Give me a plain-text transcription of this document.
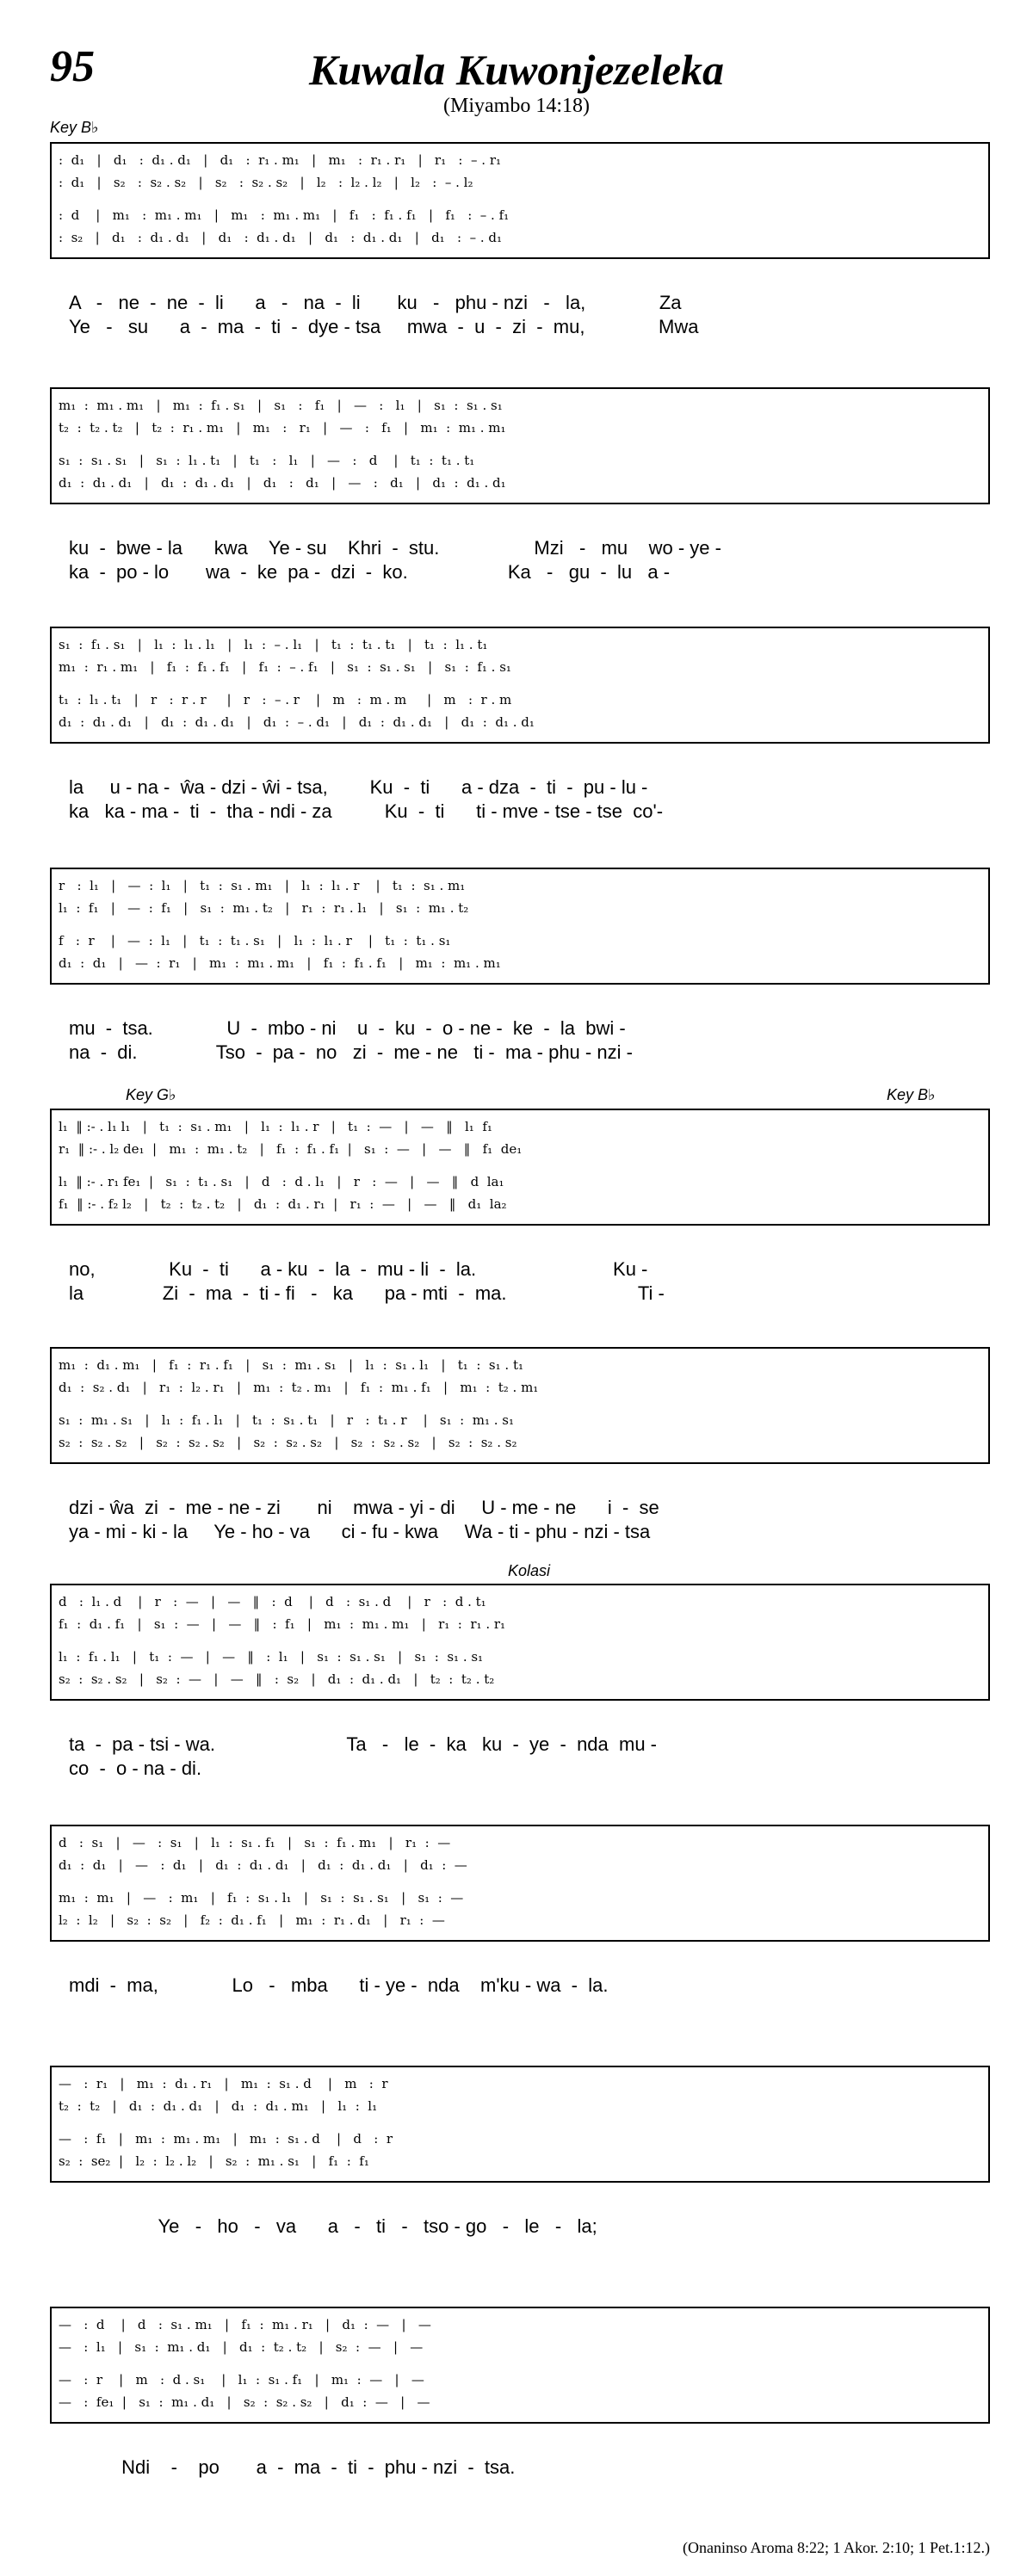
95	Kuwala Kuwonjezeleka
(Miyambo 14:18)
Key B♭
Key G♭	Key B♭
Kolasi
:  d₁   |   d₁   :  d₁ . d₁   |   d₁   :  r₁ . m₁   |   m₁   :  r₁ . r₁   |   r₁   :  – . r₁
:  d₁   |   s₂   :  s₂ . s₂   |   s₂   :  s₂ . s₂   |   l₂   :  l₂ . l₂   |   l₂   :  – . l₂
:  d    |   m₁   :  m₁ . m₁   |   m₁   :  m₁ . m₁   |   f₁   :  f₁ . f₁   |   f₁   :  – . f₁
:  s₂   |   d₁   :  d₁ . d₁   |   d₁   :  d₁ . d₁   |   d₁   :  d₁ . d₁   |   d₁   :  – . d₁
m₁  :  m₁ . m₁   |   m₁  :  f₁ . s₁   |   s₁   :   f₁   |   —   :   l₁   |   s₁  :  s₁ . s₁
t₂  :  t₂ . t₂   |   t₂  :  r₁ . m₁   |   m₁   :   r₁   |   —   :   f₁   |   m₁  :  m₁ . m₁
s₁  :  s₁ . s₁   |   s₁  :  l₁ . t₁   |   t₁   :   l₁   |   —   :   d    |   t₁  :  t₁ . t₁
d₁  :  d₁ . d₁   |   d₁  :  d₁ . d₁   |   d₁   :   d₁   |   —   :   d₁   |   d₁  :  d₁ . d₁
s₁  :  f₁ . s₁   |   l₁  :  l₁ . l₁   |   l₁  :  – . l₁   |   t₁  :  t₁ . t₁   |   t₁  :  l₁ . t₁
m₁  :  r₁ . m₁   |   f₁  :  f₁ . f₁   |   f₁  :  – . f₁   |   s₁  :  s₁ . s₁   |   s₁  :  f₁ . s₁
t₁  :  l₁ . t₁   |   r   :  r . r     |   r   :  – . r    |   m   :  m . m     |   m   :  r . m
d₁  :  d₁ . d₁   |   d₁  :  d₁ . d₁   |   d₁  :  – . d₁   |   d₁  :  d₁ . d₁   |   d₁  :  d₁ . d₁
r   :  l₁   |   —  :  l₁   |   t₁  :  s₁ . m₁   |   l₁  :  l₁ . r    |   t₁  :  s₁ . m₁
l₁  :  f₁   |   —  :  f₁   |   s₁  :  m₁ . t₂   |   r₁  :  r₁ . l₁   |   s₁  :  m₁ . t₂
f   :  r    |   —  :  l₁   |   t₁  :  t₁ . s₁   |   l₁  :  l₁ . r    |   t₁  :  t₁ . s₁
d₁  :  d₁   |   —  :  r₁   |   m₁  :  m₁ . m₁   |   f₁  :  f₁ . f₁   |   m₁  :  m₁ . m₁
l₁  ‖ :- . l₁ l₁   |   t₁  :  s₁ . m₁   |   l₁  :  l₁ . r   |   t₁  :  —   |   —   ‖   l₁  f₁
r₁  ‖ :- . l₂ de₁  |   m₁  :  m₁ . t₂   |   f₁  :  f₁ . f₁  |   s₁  :  —   |   —   ‖   f₁  de₁
l₁  ‖ :- . r₁ fe₁  |   s₁  :  t₁ . s₁   |   d   :  d . l₁   |   r   :  —   |   —   ‖   d  la₁
f₁  ‖ :- . f₂ l₂   |   t₂  :  t₂ . t₂   |   d₁  :  d₁ . r₁  |   r₁  :  —   |   —   ‖   d₁  la₂
m₁  :  d₁ . m₁   |   f₁  :  r₁ . f₁   |   s₁  :  m₁ . s₁   |   l₁  :  s₁ . l₁   |   t₁  :  s₁ . t₁
d₁  :  s₂ . d₁   |   r₁  :  l₂ . r₁   |   m₁  :  t₂ . m₁   |   f₁  :  m₁ . f₁   |   m₁  :  t₂ . m₁
s₁  :  m₁ . s₁   |   l₁  :  f₁ . l₁   |   t₁  :  s₁ . t₁   |   r   :  t₁ . r    |   s₁  :  m₁ . s₁
s₂  :  s₂ . s₂   |   s₂  :  s₂ . s₂   |   s₂  :  s₂ . s₂   |   s₂  :  s₂ . s₂   |   s₂  :  s₂ . s₂
d   :  l₁ . d    |   r   :  —   |   —   ‖   :  d    |   d   :  s₁ . d    |   r   :  d . t₁
f₁  :  d₁ . f₁   |   s₁  :  —   |   —   ‖   :  f₁   |   m₁  :  m₁ . m₁   |   r₁  :  r₁ . r₁
l₁  :  f₁ . l₁   |   t₁  :  —   |   —   ‖   :  l₁   |   s₁  :  s₁ . s₁   |   s₁  :  s₁ . s₁
s₂  :  s₂ . s₂   |   s₂  :  —   |   —   ‖   :  s₂   |   d₁  :  d₁ . d₁   |   t₂  :  t₂ . t₂
d   :  s₁   |   —   :  s₁   |   l₁  :  s₁ . f₁   |   s₁  :  f₁ . m₁   |   r₁  :  —
d₁  :  d₁   |   —   :  d₁   |   d₁  :  d₁ . d₁   |   d₁  :  d₁ . d₁   |   d₁  :  —
m₁  :  m₁   |   —   :  m₁   |   f₁  :  s₁ . l₁   |   s₁  :  s₁ . s₁   |   s₁  :  —
l₂  :  l₂   |   s₂  :  s₂   |   f₂  :  d₁ . f₁   |   m₁  :  r₁ . d₁   |   r₁  :  —
—   :  r₁   |   m₁  :  d₁ . r₁   |   m₁  :  s₁ . d    |   m   :  r
t₂  :  t₂   |   d₁  :  d₁ . d₁   |   d₁  :  d₁ . m₁   |   l₁  :  l₁
—   :  f₁   |   m₁  :  m₁ . m₁   |   m₁  :  s₁ . d    |   d   :  r
s₂  :  se₂  |   l₂  :  l₂ . l₂   |   s₂  :  m₁ . s₁   |   f₁  :  f₁
—   :  d    |   d   :  s₁ . m₁   |   f₁  :  m₁ . r₁   |   d₁  :  —   |   —
—   :  l₁   |   s₁  :  m₁ . d₁   |   d₁  :  t₂ . t₂   |   s₂  :  —   |   —
—   :  r    |   m   :  d . s₁    |   l₁  :  s₁ . f₁   |   m₁  :  —   |   —
—   :  fe₁  |   s₁  :  m₁ . d₁   |   s₂  :  s₂ . s₂   |   d₁  :  —   |   —
(Onaninso Aroma 8:22; 1 Akor. 2:10; 1 Pet.1:12.)
A   -   ne  -  ne  -  li      a   -   na  -  li       ku   -   phu - nzi   -   la,              Za
Ye   -   su      a  -  ma  -  ti  -  dye - tsa     mwa  -  u  -  zi  -  mu,              Mwa
ku  -  bwe - la      kwa    Ye - su    Khri  -  stu.                  Mzi   -   mu    wo - ye -
ka  -  po - lo       wa  -  ke  pa -  dzi  -  ko.                   Ka   -   gu  -  lu   a -
la     u - na -  ŵa - dzi - ŵi - tsa,        Ku  -  ti      a - dza  -  ti  -  pu - lu -
ka   ka - ma -  ti  -  tha - ndi - za          Ku  -  ti      ti - mve - tse - tse  co'-
mu  -  tsa.              U  -  mbo - ni    u  -  ku  -  o - ne -  ke  -  la  bwi -
na  -  di.               Tso  -  pa -  no   zi  -  me - ne   ti -  ma - phu - nzi -
no,              Ku  -  ti      a - ku  -  la  -  mu - li  -  la.                          Ku -
la               Zi  -  ma  -  ti - fi   -   ka      pa - mti  -  ma.                         Ti -
dzi - ŵa  zi  -  me - ne - zi       ni    mwa - yi - di     U - me - ne      i  -  se
ya - mi - ki - la     Ye - ho - va      ci - fu - kwa     Wa - ti - phu - nzi - tsa
ta  -  pa - tsi - wa.                         Ta   -   le  -  ka   ku  -  ye  -  nda  mu -
co  -  o - na - di.
mdi  -  ma,              Lo   -   mba      ti - ye -  nda    m'ku - wa  -  la.
Ye   -   ho   -   va      a   -   ti   -   tso - go   -   le   -   la;
Ndi    -    po       a  -  ma  -  ti  -  phu - nzi  -  tsa.
